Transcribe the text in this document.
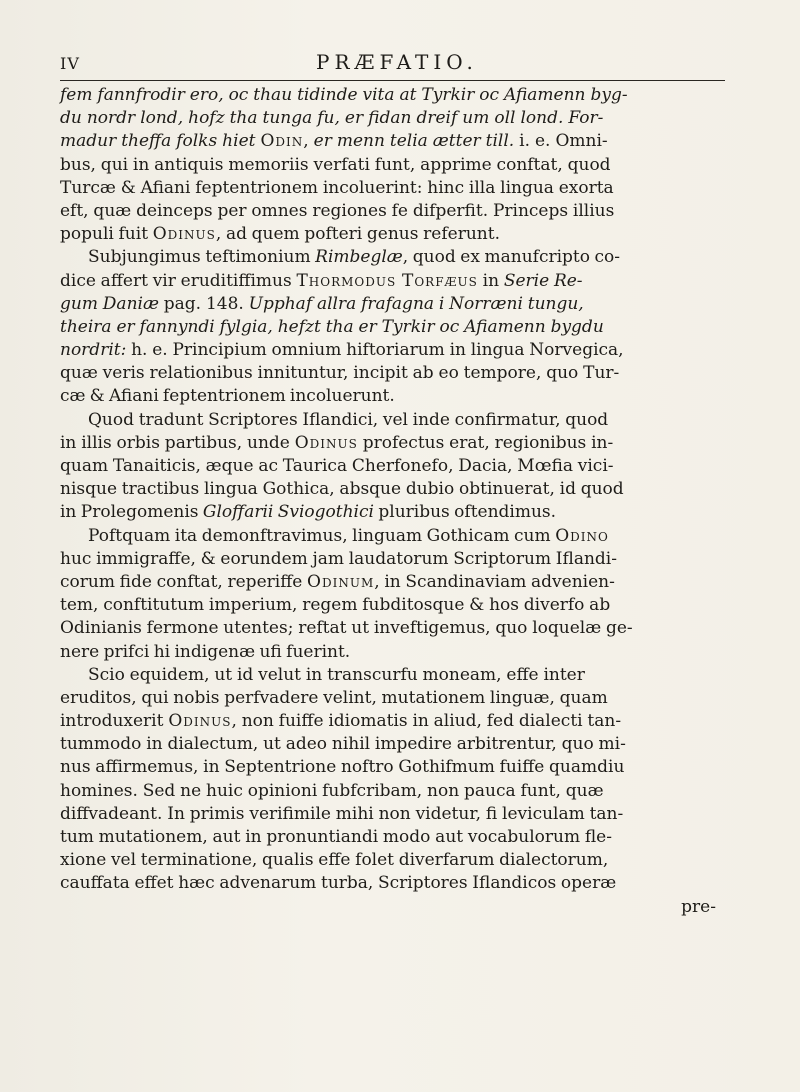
IV	PRÆFATIO.
fem fannfrodir ero, oc thau tidinde vita at Tyrkir oc Afiamenn byg-
du nordr lond, hofz tha tunga fu, er fidan dreif um oll lond. For-
madur theffa folks hiet Odin, er menn telia ætter till. i. e. Omni-
bus, qui in antiquis memoriis verfati funt, apprime conftat, quod
Turcæ & Afiani feptentrionem incoluerint: hinc illa lingua exorta
eft, quæ deinceps per omnes regiones fe difperfit. Princeps illius
populi fuit Odinus, ad quem pofteri genus referunt.
Subjungimus teftimonium Rimbeglæ, quod ex manufcripto co-
dice affert vir eruditiffimus Thormodus Torfæus in Serie Re-
gum Daniæ pag. 148. Upphaf allra frafagna i Norræni tungu,
theira er fannyndi fylgia, hefzt tha er Tyrkir oc Afiamenn bygdu
nordrit: h. e. Principium omnium hiftoriarum in lingua Norvegica,
quæ veris relationibus innituntur, incipit ab eo tempore, quo Tur-
cæ & Afiani feptentrionem incoluerunt.
Quod tradunt Scriptores Iflandici, vel inde confirmatur, quod
in illis orbis partibus, unde Odinus profectus erat, regionibus in-
quam Tanaiticis, æque ac Taurica Cherfonefo, Dacia, Mœfia vici-
nisque tractibus lingua Gothica, absque dubio obtinuerat, id quod
in Prolegomenis Gloffarii Sviogothici pluribus oftendimus.
Poftquam ita demonftravimus, linguam Gothicam cum Odino
huc immigraffe, & eorundem jam laudatorum Scriptorum Iflandi-
corum fide conftat, reperiffe Odinum, in Scandinaviam advenien-
tem, conftitutum imperium, regem fubditosque & hos diverfo ab
Odinianis fermone utentes; reftat ut inveftigemus, quo loquelæ ge-
nere prifci hi indigenæ ufi fuerint.
Scio equidem, ut id velut in transcurfu moneam, effe inter
eruditos, qui nobis perfvadere velint, mutationem linguæ, quam
introduxerit Odinus, non fuiffe idiomatis in aliud, fed dialecti tan-
tummodo in dialectum, ut adeo nihil impedire arbitrentur, quo mi-
nus affirmemus, in Septentrione noftro Gothifmum fuiffe quamdiu
homines. Sed ne huic opinioni fubfcribam, non pauca funt, quæ
diffvadeant. In primis verifimile mihi non videtur, fi leviculam tan-
tum mutationem, aut in pronuntiandi modo aut vocabulorum fle-
xione vel terminatione, qualis effe folet diverfarum dialectorum,
cauffata effet hæc advenarum turba, Scriptores Iflandicos operæ
pre-
